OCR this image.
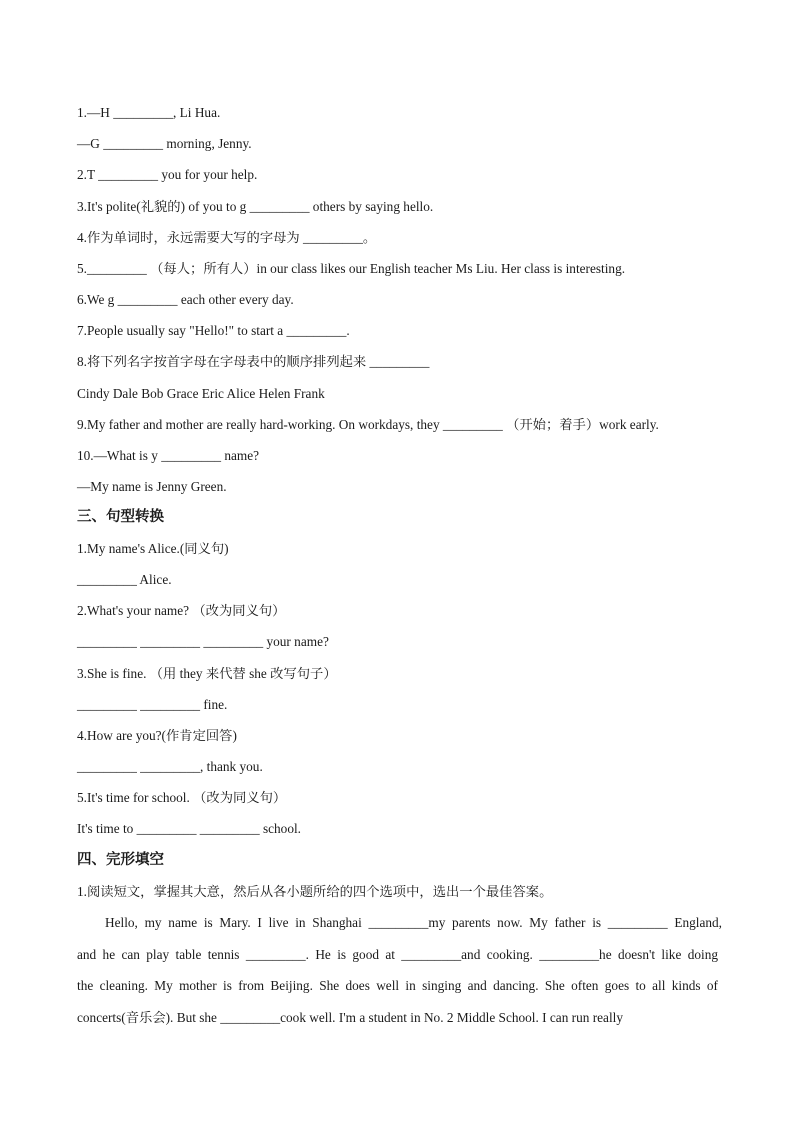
1.—H _________, Li Hua.
—G _________ morning, Jenny.
2.T _________ you for your help.
3.It's polite(礼貌的) of you to g _________ others by saying hello.
4.作为单词时，永远需要大写的字母为 _________。
5._________ （每人；所有人）in our class likes our English teacher Ms Liu. Her class is interesting.
6.We g _________ each other every day.
7.People usually say "Hello!" to start a _________.
8.将下列名字按首字母在字母表中的顺序排列起来 _________
Cindy Dale Bob Grace Eric Alice Helen Frank
9.My father and mother are really hard-working. On workdays, they _________ （开始；着手）work early.
10.—What is y _________ name?
—My name is Jenny Green.
三、句型转换
1.My name's Alice.(同义句)
_________ Alice.
2.What's your name? （改为同义句）
_________ _________ _________ your name?
3.She is fine. （用 they 来代替 she 改写句子）
_________ _________ fine.
4.How are you?(作肯定回答)
_________ _________, thank you.
5.It's time for school. （改为同义句）
It's time to _________ _________ school.
四、完形填空
1.阅读短文，掌握其大意，然后从各小题所给的四个选项中，选出一个最佳答案。
Hello, my name is Mary. I live in Shanghai _________my parents now. My father is _________ England,
and he can play table tennis _________. He is good at _________and cooking. _________he doesn't like doing
the cleaning. My mother is from Beijing. She does well in singing and dancing. She often goes to all kinds of
concerts(音乐会). But she _________cook well. I'm a student in No. 2 Middle School. I can run really
